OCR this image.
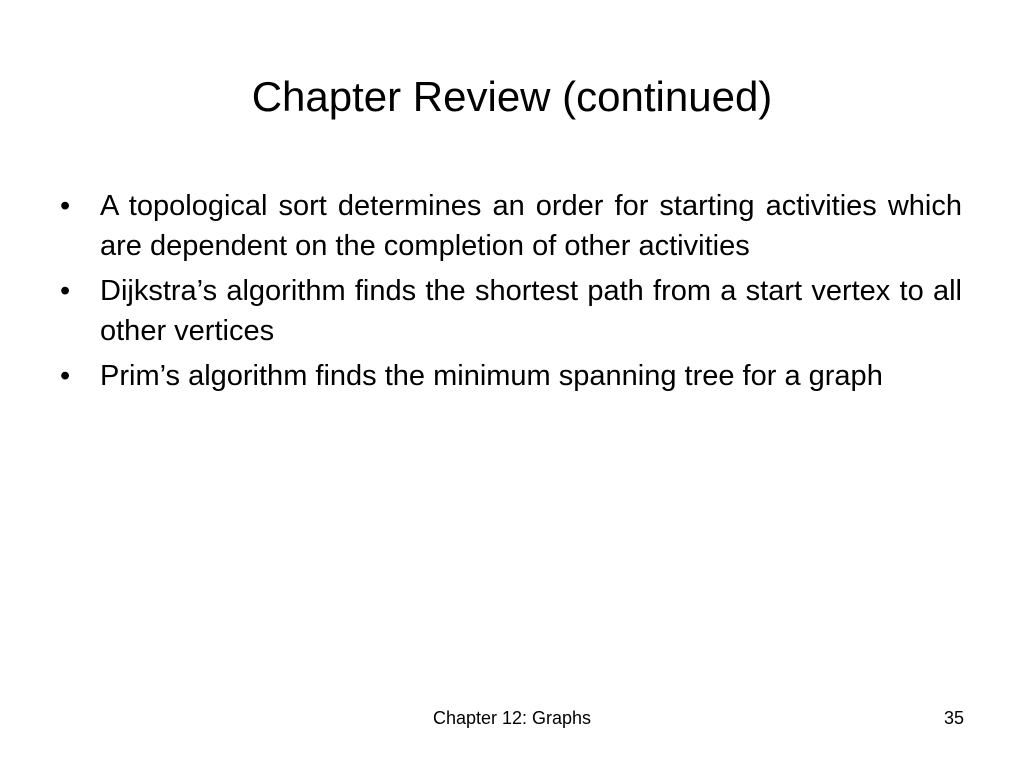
Chapter Review (continued)
•	A topological sort determines an order for starting activities which are dependent on the completion of other activities
•	Dijkstra’s algorithm finds the shortest path from a start vertex to all other vertices
•	Prim’s algorithm finds the minimum spanning tree for a graph
Chapter 12: Graphs	35
